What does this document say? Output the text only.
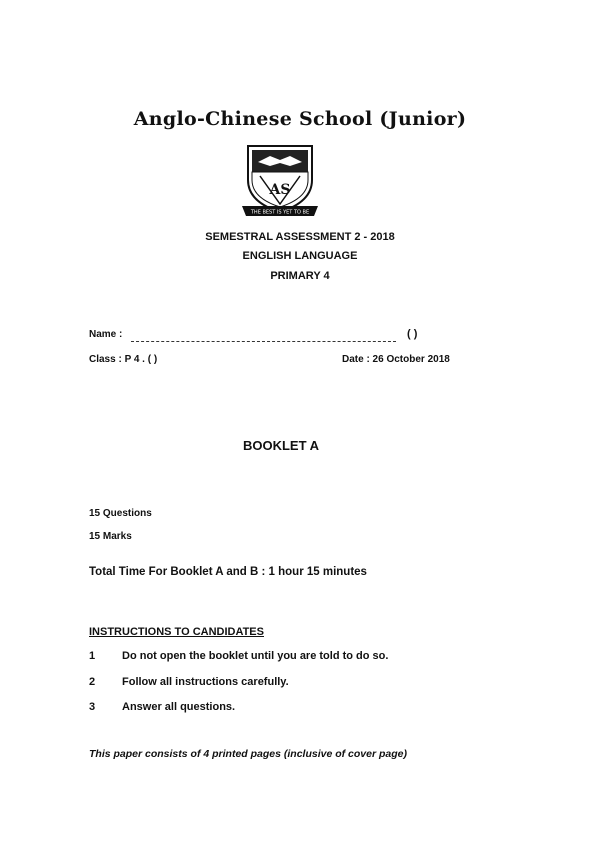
Anglo-Chinese School (Junior)
AS
THE BEST IS YET TO BE
SEMESTRAL ASSESSMENT 2 - 2018
ENGLISH LANGUAGE
PRIMARY 4
Name :	( )
Class : P 4 . ( )	Date : 26 October 2018
BOOKLET A
15 Questions
15 Marks
Total Time For Booklet A and B : 1 hour 15 minutes
INSTRUCTIONS TO CANDIDATES
1 Do not open the booklet until you are told to do so.
2 Follow all instructions carefully.
3 Answer all questions.
This paper consists of 4 printed pages (inclusive of cover page)
